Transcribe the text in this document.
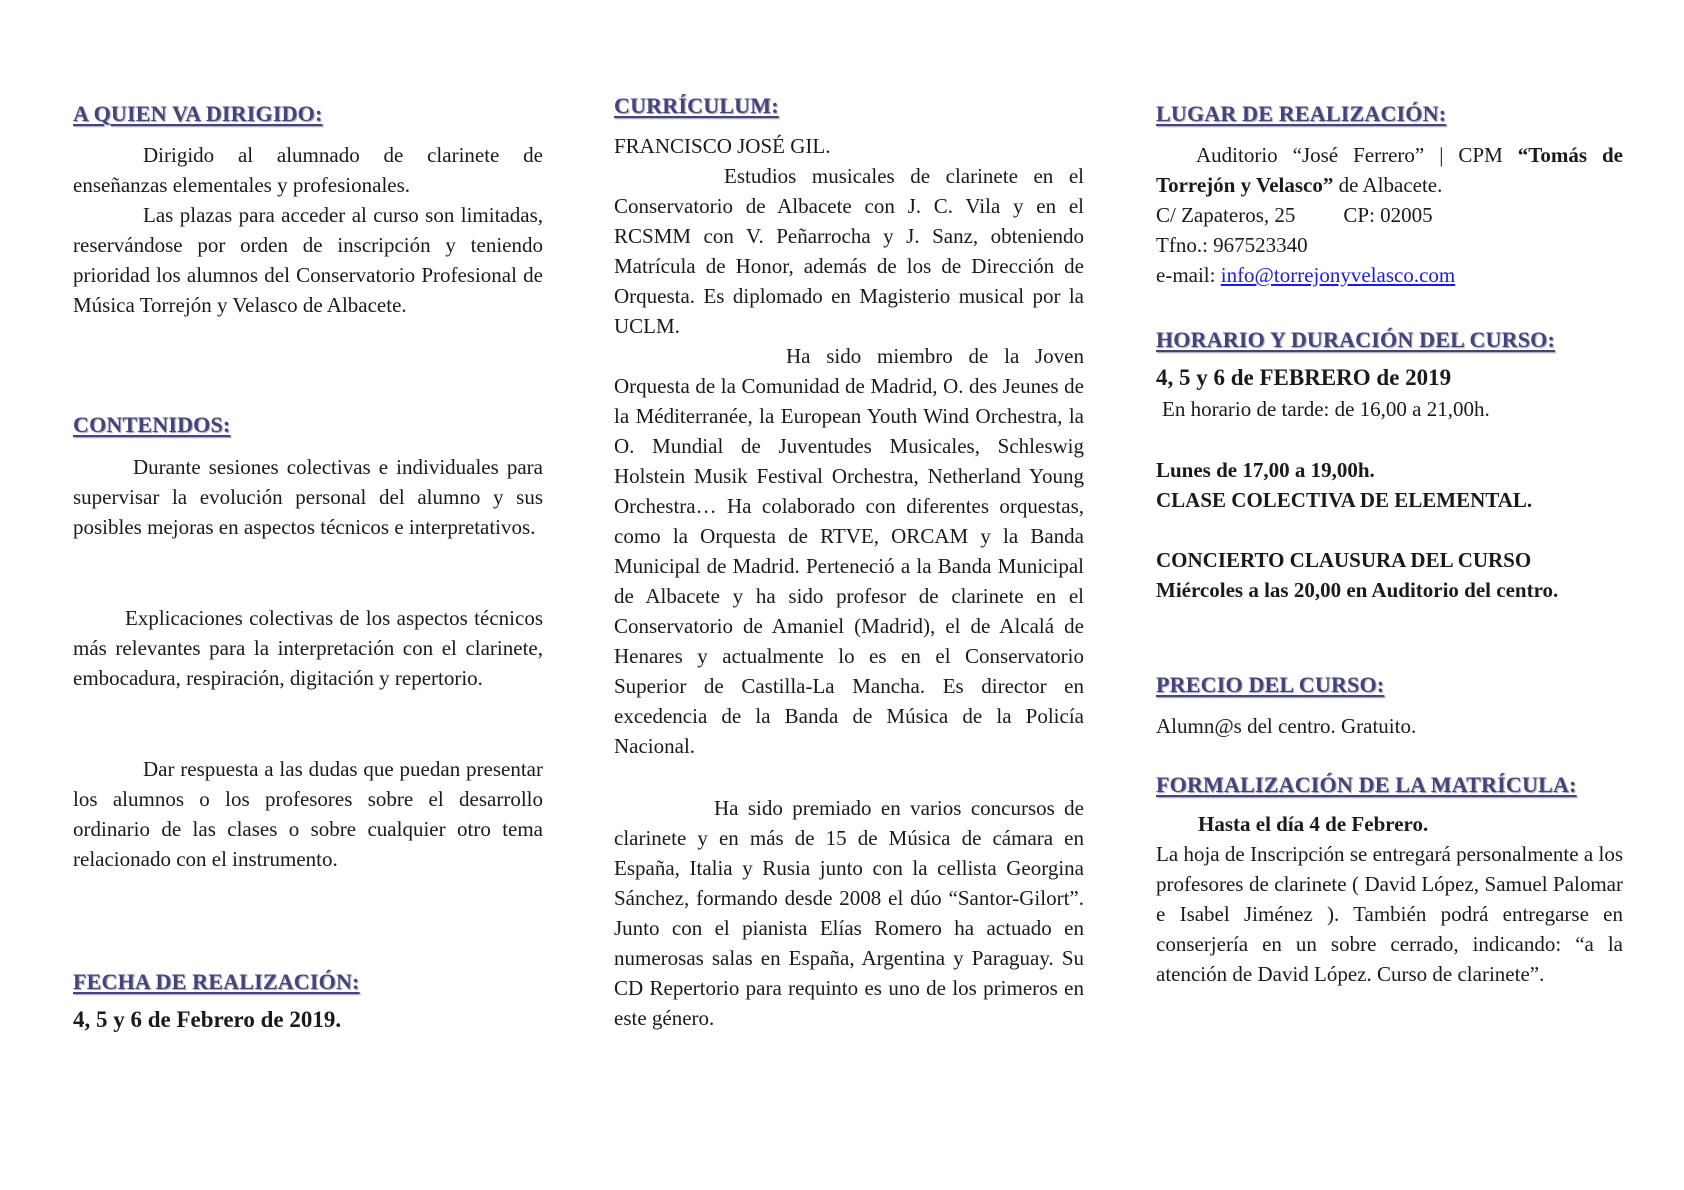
A QUIEN VA DIRIGIDO:

Dirigido al alumnado de clarinete de enseñanzas elementales y profesionales.

Las plazas para acceder al curso son limitadas, reservándose por orden de inscripción y teniendo prioridad los alumnos del Conservatorio Profesional de Música Torrejón y Velasco de Albacete.

CONTENIDOS:

Durante sesiones colectivas e individuales para supervisar la evolución personal del alumno y sus posibles mejoras en aspectos técnicos e interpretativos.

Explicaciones colectivas de los aspectos técnicos más relevantes para la interpretación con el clarinete, embocadura, respiración, digitación y repertorio.

Dar respuesta a las dudas que puedan presentar los alumnos o los profesores sobre el desarrollo ordinario de las clases o sobre cualquier otro tema relacionado con el instrumento.

FECHA DE REALIZACIÓN:

4, 5 y 6 de Febrero de 2019.

CURRÍCULUM:

FRANCISCO JOSÉ GIL.

Estudios musicales de clarinete en el Conservatorio de Albacete con J. C. Vila y en el RCSMM con V. Peñarrocha y J. Sanz, obteniendo Matrícula de Honor, además de los de Dirección de Orquesta. Es diplomado en Magisterio musical por la UCLM.

Ha sido miembro de la Joven Orquesta de la Comunidad de Madrid, O. des Jeunes de la Méditerranée, la European Youth Wind Orchestra, la O. Mundial de Juventudes Musicales, Schleswig Holstein Musik Festival Orchestra, Netherland Young Orchestra… Ha colaborado con diferentes orquestas, como la Orquesta de RTVE, ORCAM y la Banda Municipal de Madrid. Perteneció a la Banda Municipal de Albacete y ha sido profesor de clarinete en el Conservatorio de Amaniel (Madrid), el de Alcalá de Henares y actualmente lo es en el Conservatorio Superior de Castilla-La Mancha. Es director en excedencia de la Banda de Música de la Policía Nacional.

Ha sido premiado en varios concursos de clarinete y en más de 15 de Música de cámara en España, Italia y Rusia junto con la cellista Georgina Sánchez, formando desde 2008 el dúo “Santor-Gilort”. Junto con el pianista Elías Romero ha actuado en numerosas salas en España, Argentina y Paraguay. Su CD Repertorio para requinto es uno de los primeros en este género.

LUGAR DE REALIZACIÓN:

Auditorio “José Ferrero” | CPM “Tomás de Torrejón y Velasco” de Albacete.

C/ Zapateros, 25 CP: 02005

Tfno.: 967523340

e-mail: info@torrejonyvelasco.com

HORARIO Y DURACIÓN DEL CURSO:

4, 5 y 6 de FEBRERO de 2019

En horario de tarde: de 16,00 a 21,00h.

Lunes de 17,00 a 19,00h.

CLASE COLECTIVA DE ELEMENTAL.

CONCIERTO CLAUSURA DEL CURSO

Miércoles a las 20,00 en Auditorio del centro.

PRECIO DEL CURSO:

Alumn@s del centro. Gratuito.

FORMALIZACIÓN DE LA MATRÍCULA:

Hasta el día 4 de Febrero.

La hoja de Inscripción se entregará personalmente a los profesores de clarinete ( David López, Samuel Palomar e Isabel Jiménez ). También podrá entregarse en conserjería en un sobre cerrado, indicando: “a la atención de David López. Curso de clarinete”.
